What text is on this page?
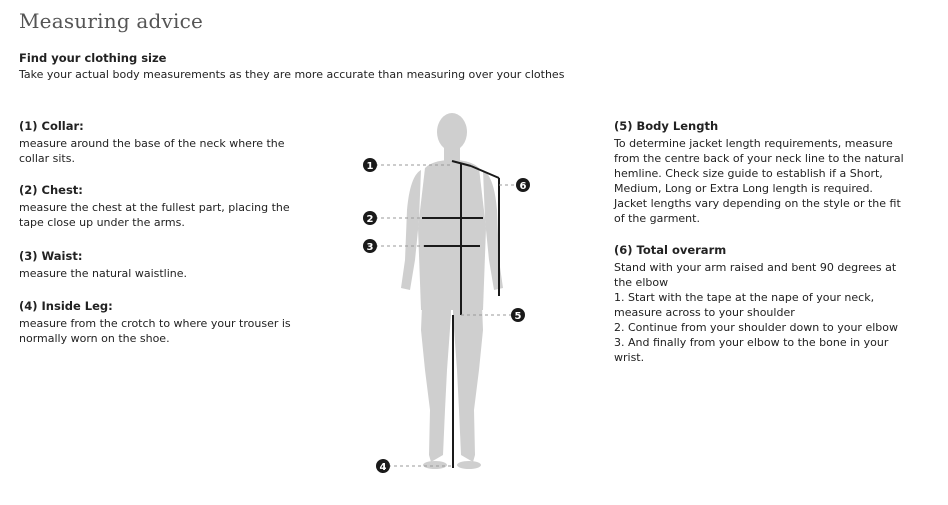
Measuring advice
Find your clothing size
Take your actual body measurements as they are more accurate than measuring over your clothes
(1) Collar:

measure around the base of the neck where the collar sits.

(2) Chest:

measure the chest at the fullest part, placing the tape close up under the arms.

(3) Waist:

measure the natural waistline.

(4) Inside Leg:

measure from the crotch to where your trouser is normally worn on the shoe.

(5) Body Length

To determine jacket length requirements, measure from the centre back of your neck line to the natural hemline. Check size guide to establish if a Short, Medium, Long or Extra Long length is required. Jacket lengths vary depending on the style or the fit of the garment.

(6) Total overarm

Stand with your arm raised and bent 90 degrees at the elbow
1. Start with the tape at the nape of your neck, measure across to your shoulder
2. Continue from your shoulder down to your elbow
3. And finally from your elbow to the bone in your wrist.

1
2
3
4
5
6
